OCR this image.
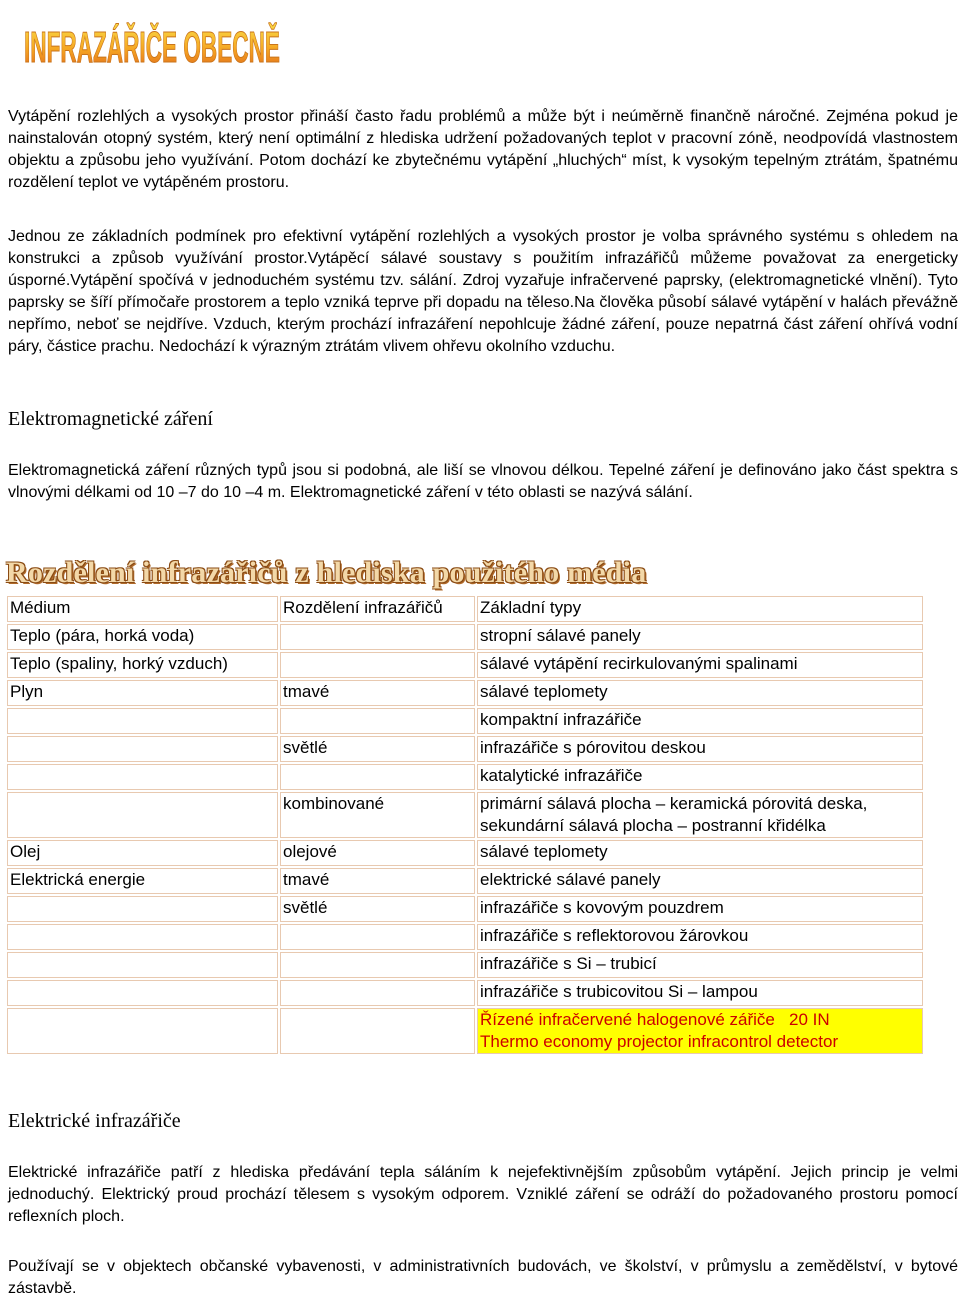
INFRAZÁŘIČE OBECNĚ

Vytápění rozlehlých a vysokých prostor přináší často řadu problémů a může být i neúměrně finančně náročné. Zejména pokud je nainstalován otopný systém, který není optimální z hlediska udržení požadovaných teplot v pracovní zóně, neodpovídá vlastnostem objektu a způsobu jeho využívání. Potom dochází ke zbytečnému vytápění „hluchých“ míst, k vysokým tepelným ztrátám, špatnému rozdělení teplot ve vytápěném prostoru.

Jednou ze základních podmínek pro efektivní vytápění rozlehlých a vysokých prostor je volba správného systému s ohledem na konstrukci a způsob využívání prostor.Vytápěcí sálavé soustavy s použitím infrazářičů můžeme považovat za energeticky úsporné.Vytápění spočívá v jednoduchém systému tzv. sálání. Zdroj vyzařuje infračervené paprsky, (elektromagnetické vlnění). Tyto paprsky se šíří přímočaře prostorem a teplo vzniká teprve při dopadu na těleso.Na člověka působí sálavé vytápění v halách převážně nepřímo, neboť se nejdříve. Vzduch, kterým prochází infrazáření nepohlcuje žádné záření, pouze nepatrná část záření ohřívá vodní páry, částice prachu. Nedochází k výrazným ztrátám vlivem ohřevu okolního vzduchu.

Elektromagnetické záření

Elektromagnetická záření různých typů jsou si podobná, ale liší se vlnovou délkou. Tepelné záření je definováno jako část spektra s vlnovými délkami od 10 –7 do 10 –4 m. Elektromagnetické záření v této oblasti se nazývá sálání.

Rozdělení infrazářičů z hlediska použitého média
Médium	Rozdělení infrazářičů	Základní typy
Teplo (pára, horká voda)		stropní sálavé panely
Teplo (spaliny, horký vzduch)		sálavé vytápění recirkulovanými spalinami
Plyn	tmavé	sálavé teplomety
		kompaktní infrazářiče
	světlé	infrazářiče s pórovitou deskou
		katalytické infrazářiče
	kombinované	primární sálavá plocha – keramická pórovitá deska, sekundární sálavá plocha – postranní křidélka
Olej	olejové	sálavé teplomety
Elektrická energie	tmavé	elektrické sálavé panely
	světlé	infrazářiče s kovovým pouzdrem
		infrazářiče s reflektorovou žárovkou
		infrazářiče s Si – trubicí
		infrazářiče s trubicovitou Si – lampou

		Řízené infračervené halogenové zářiče   20 IN
Thermo economy projector infracontrol detector
Elektrické infrazářiče

Elektrické infrazářiče patří z hlediska předávání tepla sáláním k nejefektivnějším způsobům vytápění. Jejich princip je velmi jednoduchý. Elektrický proud prochází tělesem s vysokým odporem. Vzniklé záření se odráží do požadovaného prostoru pomocí reflexních ploch.

Používají se v objektech občanské vybavenosti, v administrativních budovách, ve školství, v průmyslu a zemědělství, v bytové zástavbě.
